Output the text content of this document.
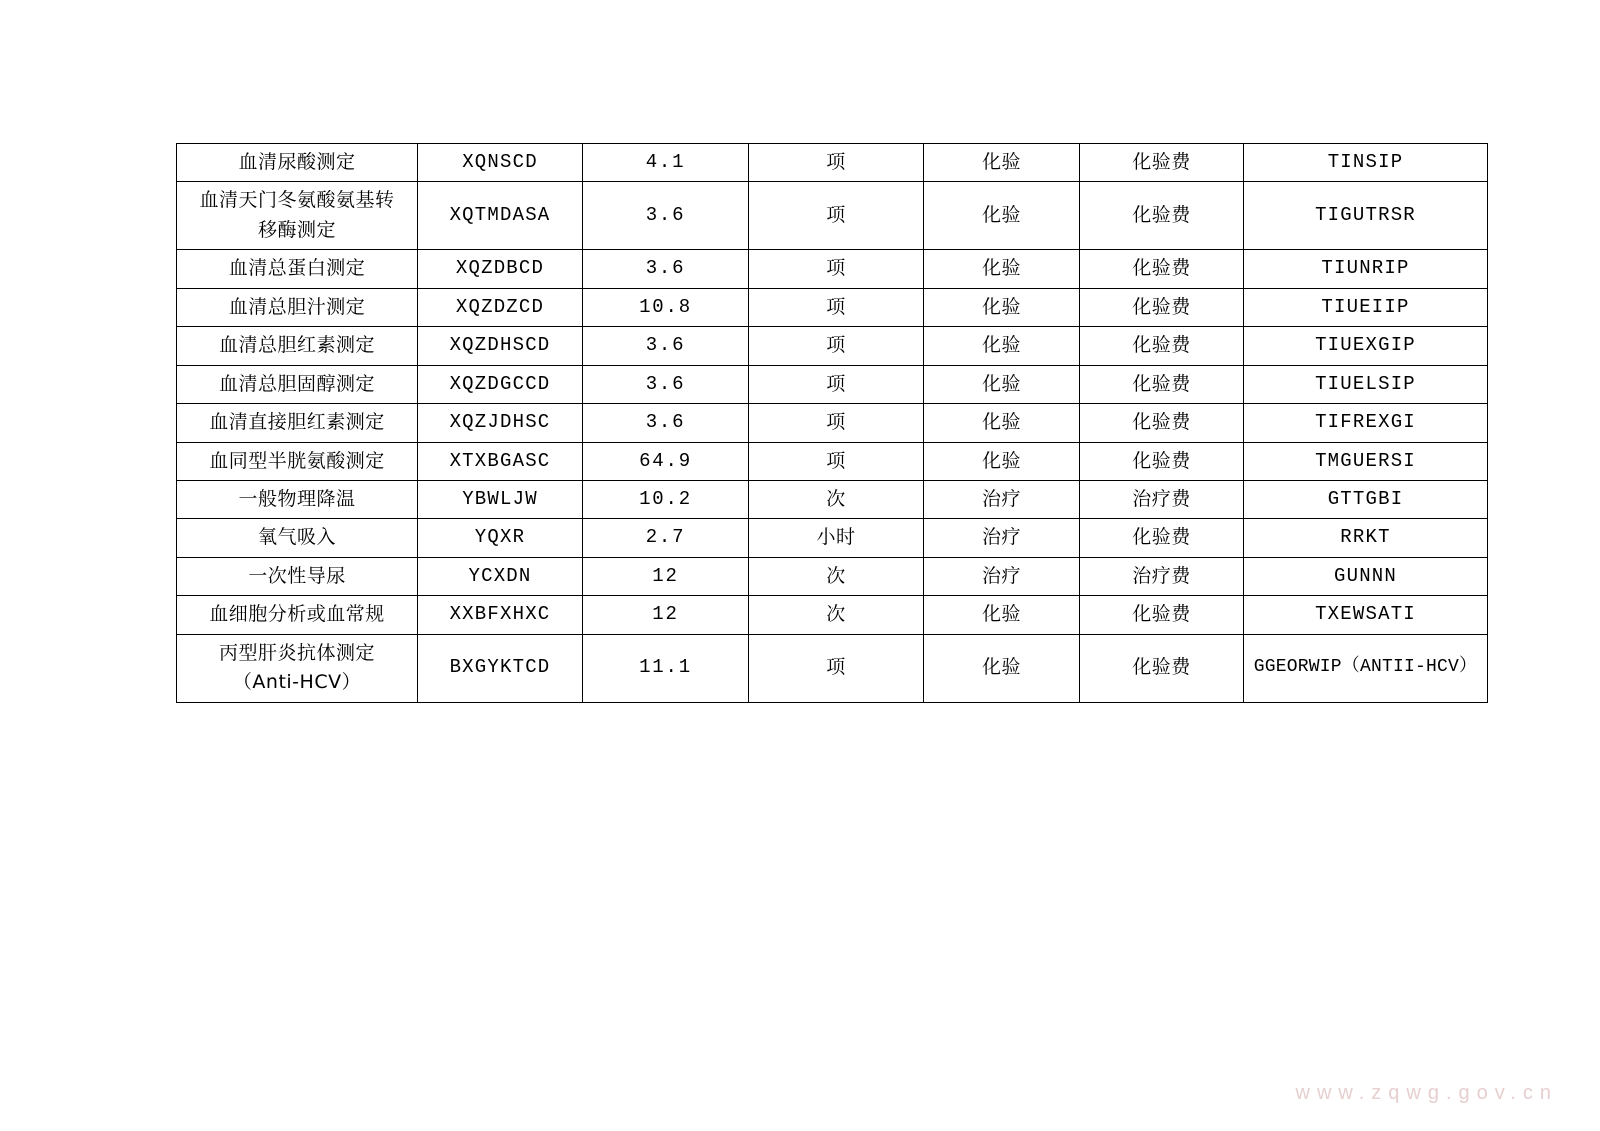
血清尿酸测定	XQNSCD	4.1	项	化验	化验费	TINSIP

血清天门冬氨酸氨基转
移酶测定	XQTMDASA	3.6	项	化验	化验费	TIGUTRSR
血清总蛋白测定	XQZDBCD	3.6	项	化验	化验费	TIUNRIP
血清总胆汁测定	XQZDZCD	10.8	项	化验	化验费	TIUEIIP
血清总胆红素测定	XQZDHSCD	3.6	项	化验	化验费	TIUEXGIP
血清总胆固醇测定	XQZDGCCD	3.6	项	化验	化验费	TIUELSIP
血清直接胆红素测定	XQZJDHSC	3.6	项	化验	化验费	TIFREXGI
血同型半胱氨酸测定	XTXBGASC	64.9	项	化验	化验费	TMGUERSI
一般物理降温	YBWLJW	10.2	次	治疗	治疗费	GTTGBI
氧气吸入	YQXR	2.7	小时	治疗	化验费	RRKT
一次性导尿	YCXDN	12	次	治疗	治疗费	GUNNN
血细胞分析或血常规	XXBFXHXC	12	次	化验	化验费	TXEWSATI

丙型肝炎抗体测定
（Anti-HCV）	BXGYKTCD	11.1	项	化验	化验费	GGEORWIP（ANTII-HCV）
www.zqwg.gov.cn
